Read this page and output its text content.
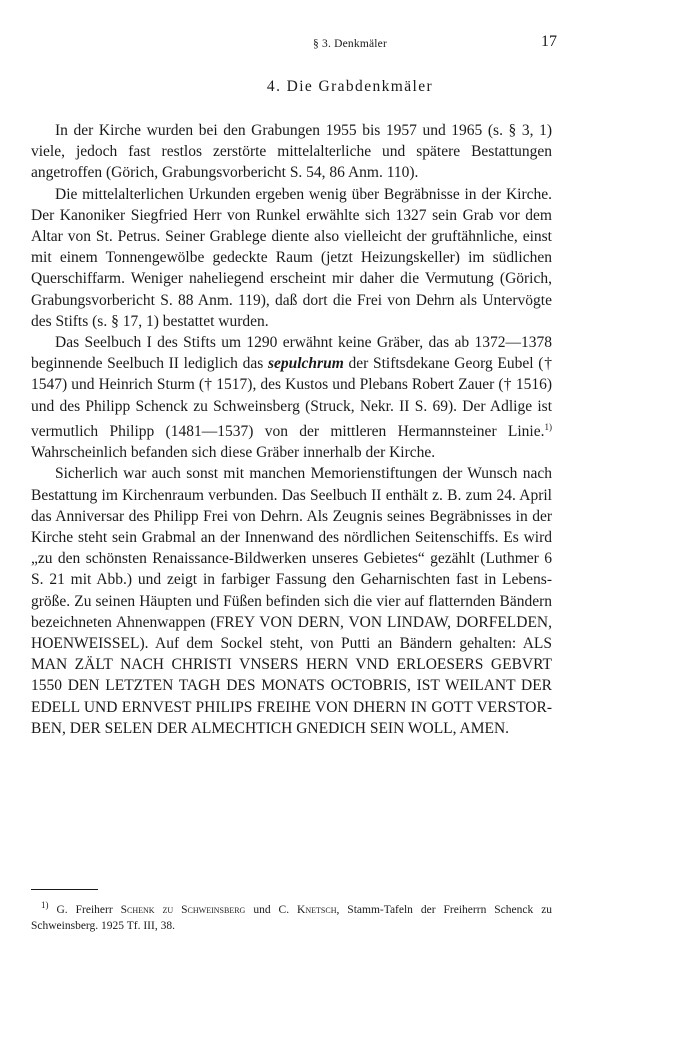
§ 3. Denkmäler	17
4. Die Grabdenkmäler

In der Kirche wurden bei den Grabungen 1955 bis 1957 und 1965 (s. § 3, 1) viele, jedoch fast restlos zerstörte mittelalterliche und spätere Bestattungen angetroffen (Görich, Grabungsvorbericht S. 54, 86 Anm. 110).

Die mittelalterlichen Urkunden ergeben wenig über Begräbnisse in der Kirche. Der Kanoniker Siegfried Herr von Runkel erwählte sich 1327 sein Grab vor dem Altar von St. Petrus. Seiner Grablege diente also vielleicht der gruftähnliche, einst mit einem Tonnengewölbe gedeckte Raum (jetzt Heizungskeller) im südlichen Querschiffarm. Weniger naheliegend erscheint mir daher die Vermutung (Görich, Grabungsvorbericht S. 88 Anm. 119), daß dort die Frei von Dehrn als Untervögte des Stifts (s. § 17, 1) bestattet wurden.

Das Seelbuch I des Stifts um 1290 erwähnt keine Gräber, das ab 1372—1378 beginnende Seelbuch II lediglich das sepulchrum der Stiftsdekane Georg Eubel († 1547) und Heinrich Sturm († 1517), des Kustos und Plebans Robert Zauer († 1516) und des Philipp Schenck zu Schweinsberg (Struck, Nekr. II S. 69). Der Adlige ist vermutlich Philipp (1481—1537) von der mittleren Hermannsteiner Linie.$^{1)}$ Wahrscheinlich befanden sich diese Gräber innerhalb der Kirche.

Sicherlich war auch sonst mit manchen Memorienstiftungen der Wunsch nach Bestattung im Kirchenraum verbunden. Das Seelbuch II enthält z. B. zum 24. April das Anniversar des Philipp Frei von Dehrn. Als Zeugnis seines Begräbnisses in der Kirche steht sein Grabmal an der Innenwand des nördlichen Seitenschiffs. Es wird „zu den schönsten Renaissance-Bildwerken unseres Gebietes“ gezählt (Luthmer 6 S. 21 mit Abb.) und zeigt in farbiger Fassung den Geharnischten fast in Lebensgröße. Zu seinen Häupten und Füßen befinden sich die vier auf flatternden Bändern bezeichneten Ahnenwappen (FREY VON DERN, VON LINDAW, DORFELDEN, HOENWEISSEL). Auf dem Sockel steht, von Putti an Bändern gehalten: ALS MAN ZÄLT NACH CHRISTI VNSERS HERN VND ERLOESERS GEBVRT 1550 DEN LETZTEN TAGH DES MONATS OCTOBRIS, IST WEILANT DER EDELL UND ERNVEST PHILIPS FREIHE VON DHERN IN GOTT VERSTORBEN, DER SELEN DER ALMECHTICH GNEDICH SEIN WOLL, AMEN.

$^{1)}$ G. Freiherr Schenk zu Schweinsberg und C. Knetsch, Stamm-Tafeln der Freiherrn Schenck zu Schweinsberg. 1925 Tf. III, 38.
